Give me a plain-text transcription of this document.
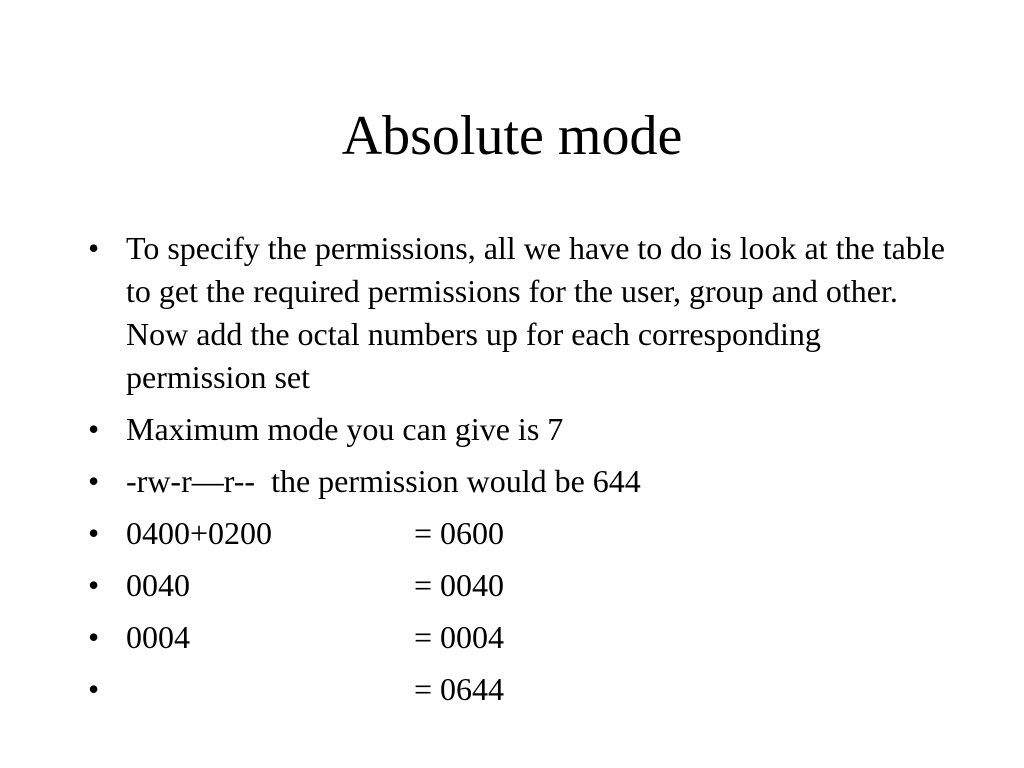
Absolute mode
• To specify the permissions, all we have to do is look at the table to get the required permissions for the user, group and other. Now add the octal numbers up for each corresponding permission set
• Maximum mode you can give is 7
• -rw-r—r--  the permission would be 644
• 0400+0200	= 0600
• 0040	= 0040
• 0004	= 0004
•	= 0644
